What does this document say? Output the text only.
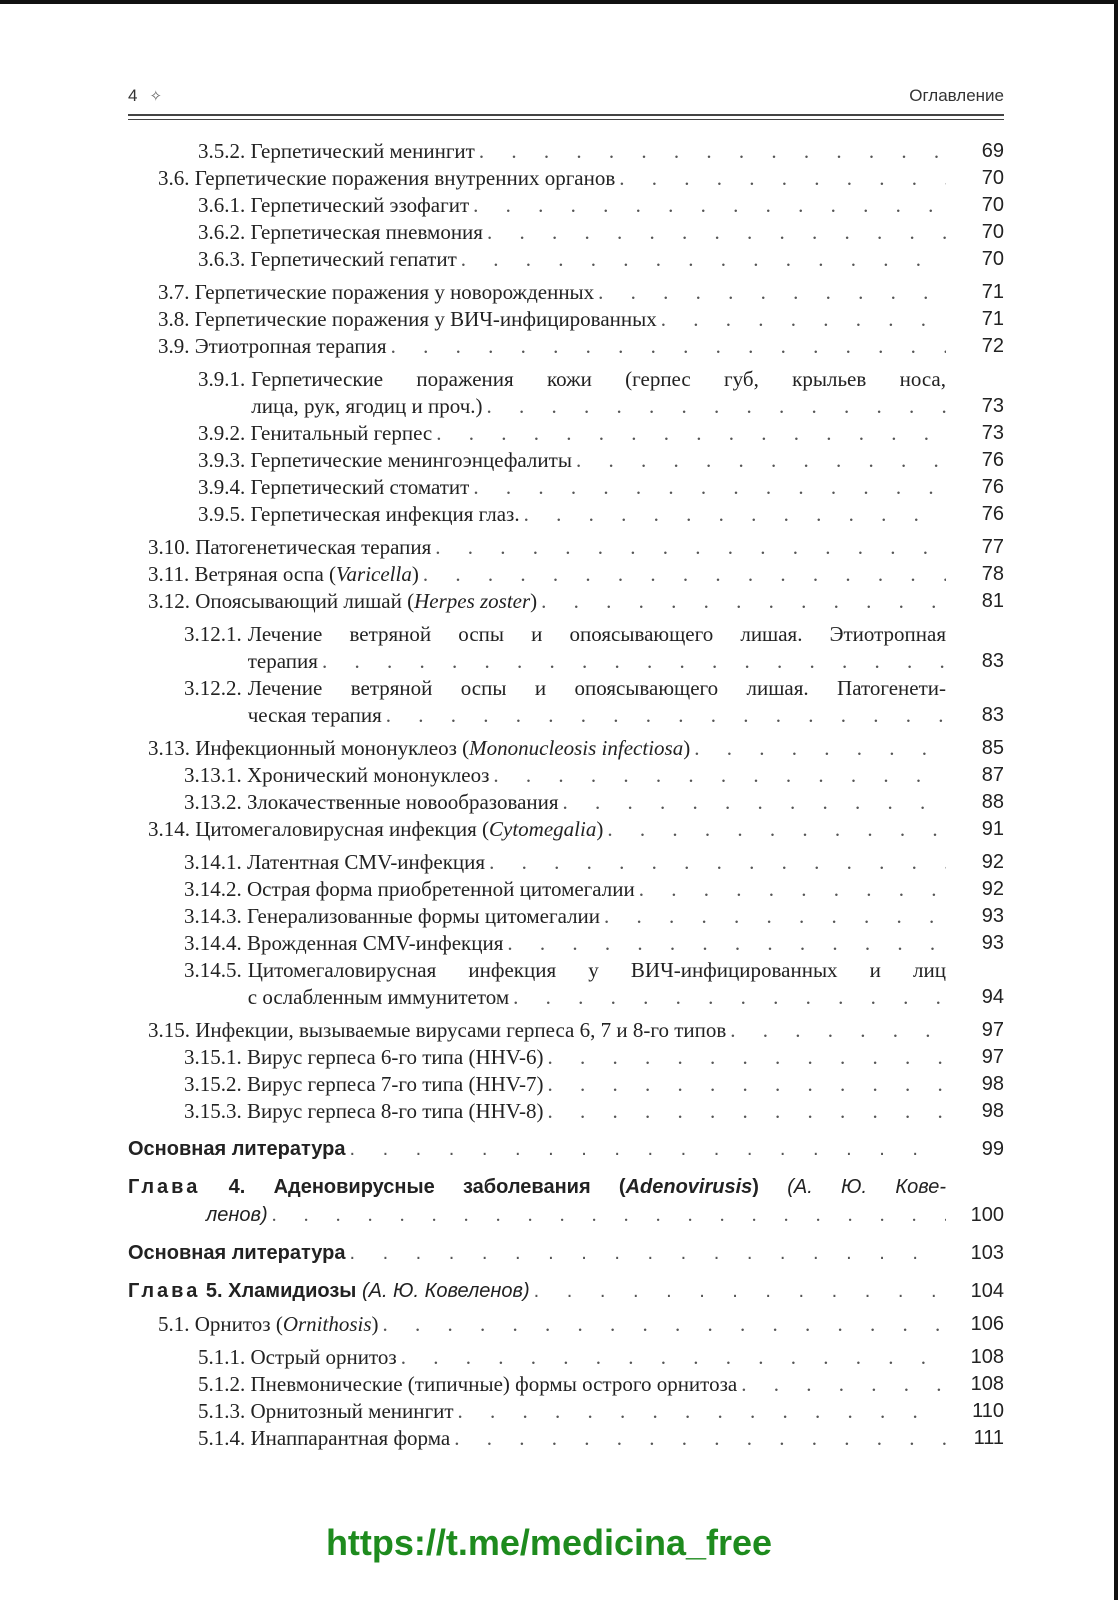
4 ✧	Оглавление
3.5.2. Герпетический менингит . . .	69
3.6. Герпетические поражения внутренних органов . . .	70
3.6.1. Герпетический эзофагит . . .	70
3.6.2. Герпетическая пневмония . . .	70
3.6.3. Герпетический гепатит . . .	70
3.7. Герпетические поражения у новорожденных . . .	71
3.8. Герпетические поражения у ВИЧ-инфицированных . . .	71
3.9. Этиотропная терапия . . .	72
3.9.1. Герпетические поражения кожи (герпес губ, крыльев носа,
лица, рук, ягодиц и проч.) . . .	73
3.9.2. Генитальный герпес . . .	73
3.9.3. Герпетические менингоэнцефалиты . . .	76
3.9.4. Герпетический стоматит . . .	76
3.9.5. Герпетическая инфекция глаз. . . .	76
3.10. Патогенетическая терапия . . .	77
3.11. Ветряная оспа (Varicella) . . .	78
3.12. Опоясывающий лишай (Herpes zoster) . . .	81
3.12.1. Лечение ветряной оспы и опоясывающего лишая. Этиотропная
терапия . . .	83
3.12.2. Лечение ветряной оспы и опоясывающего лишая. Патогенети-
ческая терапия . . .	83
3.13. Инфекционный мононуклеоз (Mononucleosis infectiosa) . . .	85
3.13.1. Хронический мононуклеоз . . .	87
3.13.2. Злокачественные новообразования . . .	88
3.14. Цитомегаловирусная инфекция (Cytomegalia) . . .	91
3.14.1. Латентная CMV-инфекция . . .	92
3.14.2. Острая форма приобретенной цитомегалии . . .	92
3.14.3. Генерализованные формы цитомегалии . . .	93
3.14.4. Врожденная CMV-инфекция . . .	93
3.14.5. Цитомегаловирусная инфекция у ВИЧ-инфицированных и лиц
с ослабленным иммунитетом . . .	94
3.15. Инфекции, вызываемые вирусами герпеса 6, 7 и 8-го типов . . .	97
3.15.1. Вирус герпеса 6-го типа (HHV-6) . . .	97
3.15.2. Вирус герпеса 7-го типа (HHV-7) . . .	98
3.15.3. Вирус герпеса 8-го типа (HHV-8) . . .	98
Основная литература . . .	99
Глава 4. Аденовирусные заболевания (Adenovirusis) (А. Ю. Кове-
ленов) . . .	100
Основная литература . . .	103
Глава 5. Хламидиозы (А. Ю. Ковеленов) . . .	104
5.1. Орнитоз (Ornithosis) . . .	106
5.1.1. Острый орнитоз . . .	108
5.1.2. Пневмонические (типичные) формы острого орнитоза . . .	108
5.1.3. Орнитозный менингит . . .	110
5.1.4. Инаппарантная форма . . .	111
https://t.me/medicina_free
